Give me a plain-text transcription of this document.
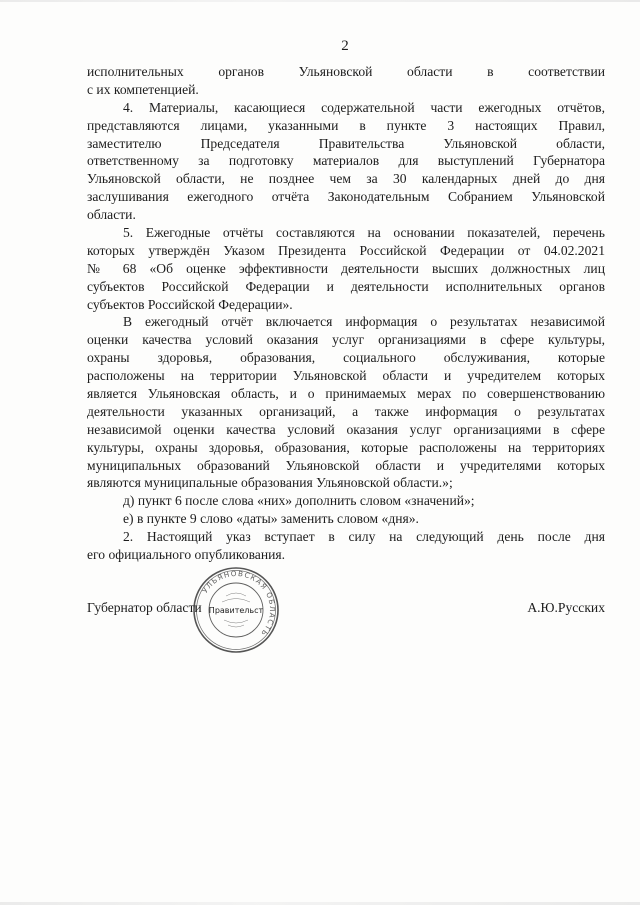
2
исполнительных органов Ульяновской области в соответствии
с их компетенцией.
4. Материалы, касающиеся содержательной части ежегодных отчётов,
представляются лицами, указанными в пункте 3 настоящих Правил,
заместителю Председателя Правительства Ульяновской области,
ответственному за подготовку материалов для выступлений Губернатора
Ульяновской области, не позднее чем за 30 календарных дней до дня
заслушивания ежегодного отчёта Законодательным Собранием Ульяновской
области.
5. Ежегодные отчёты составляются на основании показателей, перечень
которых утверждён Указом Президента Российской Федерации от 04.02.2021
№ 68 «Об оценке эффективности деятельности высших должностных лиц
субъектов Российской Федерации и деятельности исполнительных органов
субъектов Российской Федерации».
В ежегодный отчёт включается информация о результатах независимой
оценки качества условий оказания услуг организациями в сфере культуры,
охраны здоровья, образования, социального обслуживания, которые
расположены на территории Ульяновской области и учредителем которых
является Ульяновская область, и о принимаемых мерах по совершенствованию
деятельности указанных организаций, а также информация о результатах
независимой оценки качества условий оказания услуг организациями в сфере
культуры, охраны здоровья, образования, которые расположены на территориях
муниципальных образований Ульяновской области и учредителями которых
являются муниципальные образования Ульяновской области.»;
д) пункт 6 после слова «них» дополнить словом «значений»;
е) в пункте 9 слово «даты» заменить словом «дня».
2. Настоящий указ вступает в силу на следующий день после дня
его официального опубликования.
Губернатор области	А.Ю.Русских
УЛЬЯНОВСКАЯ ОБЛАСТЬ
Правительст
